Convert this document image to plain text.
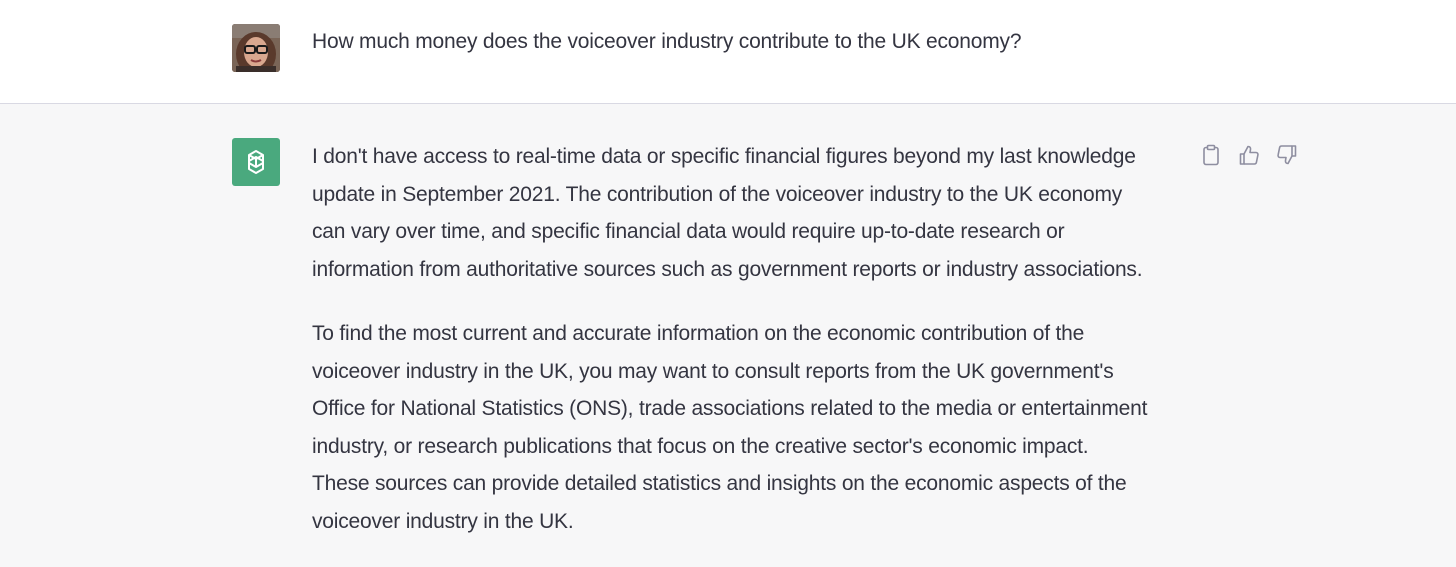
How much money does the voiceover industry contribute to the UK economy?

I don't have access to real-time data or specific financial figures beyond my last knowledge
update in September 2021. The contribution of the voiceover industry to the UK economy
can vary over time, and specific financial data would require up-to-date research or
information from authoritative sources such as government reports or industry associations.

To find the most current and accurate information on the economic contribution of the
voiceover industry in the UK, you may want to consult reports from the UK government's
Office for National Statistics (ONS), trade associations related to the media or entertainment
industry, or research publications that focus on the creative sector's economic impact.
These sources can provide detailed statistics and insights on the economic aspects of the
voiceover industry in the UK.
